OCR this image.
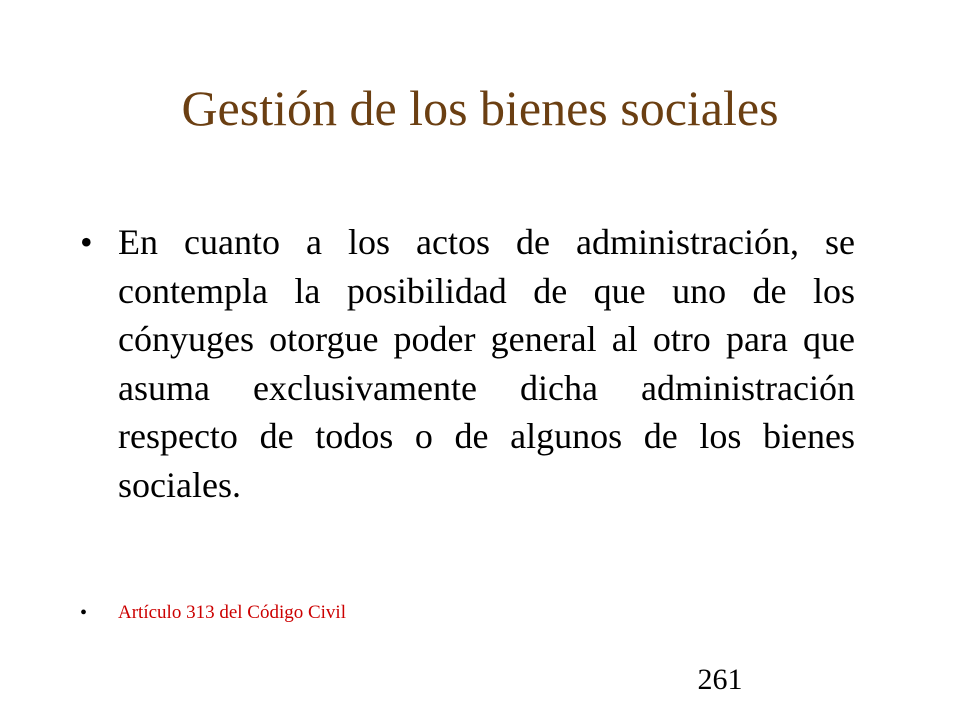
Gestión de los bienes sociales
• En cuanto a los actos de administración, se contempla la posibilidad de que uno de los cónyuges otorgue poder general al otro para que asuma exclusivamente dicha administración respecto de todos o de algunos de los bienes sociales.
•	Artículo 313 del Código Civil
261
